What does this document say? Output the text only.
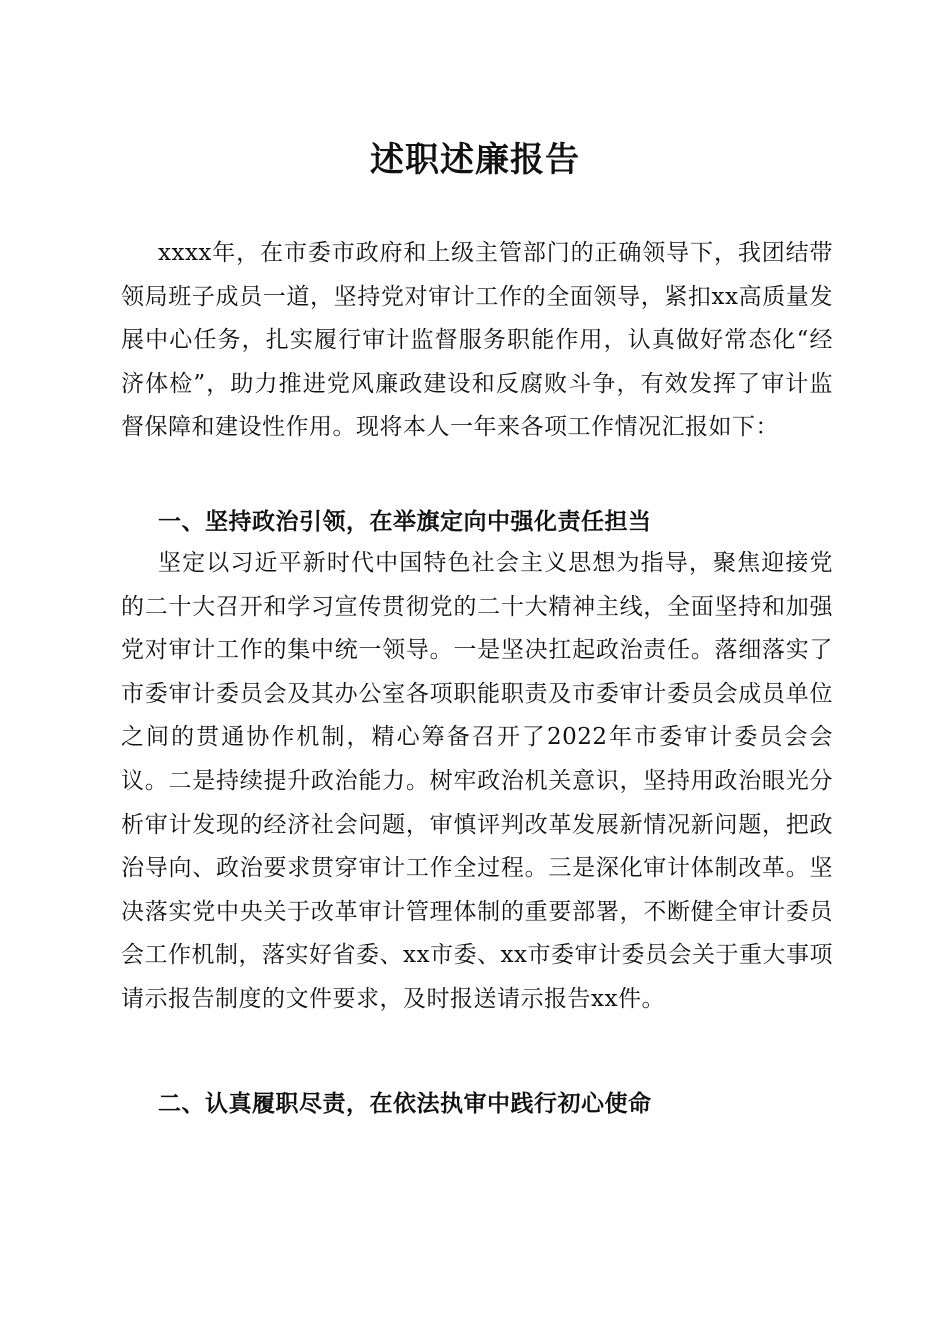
述职述廉报告

xxxx年，在市委市政府和上级主管部门的正确领导下，我团结带领局班子成员一道，坚持党对审计工作的全面领导，紧扣xx高质量发展中心任务，扎实履行审计监督服务职能作用，认真做好常态化“经济体检”，助力推进党风廉政建设和反腐败斗争，有效发挥了审计监督保障和建设性作用。现将本人一年来各项工作情况汇报如下：

一、坚持政治引领，在举旗定向中强化责任担当

坚定以习近平新时代中国特色社会主义思想为指导，聚焦迎接党的二十大召开和学习宣传贯彻党的二十大精神主线，全面坚持和加强党对审计工作的集中统一领导。一是坚决扛起政治责任。落细落实了市委审计委员会及其办公室各项职能职责及市委审计委员会成员单位之间的贯通协作机制，精心筹备召开了2022年市委审计委员会会议。二是持续提升政治能力。树牢政治机关意识，坚持用政治眼光分析审计发现的经济社会问题，审慎评判改革发展新情况新问题，把政治导向、政治要求贯穿审计工作全过程。三是深化审计体制改革。坚决落实党中央关于改革审计管理体制的重要部署，不断健全审计委员会工作机制，落实好省委、xx市委、xx市委审计委员会关于重大事项请示报告制度的文件要求，及时报送请示报告xx件。

二、认真履职尽责，在依法执审中践行初心使命
